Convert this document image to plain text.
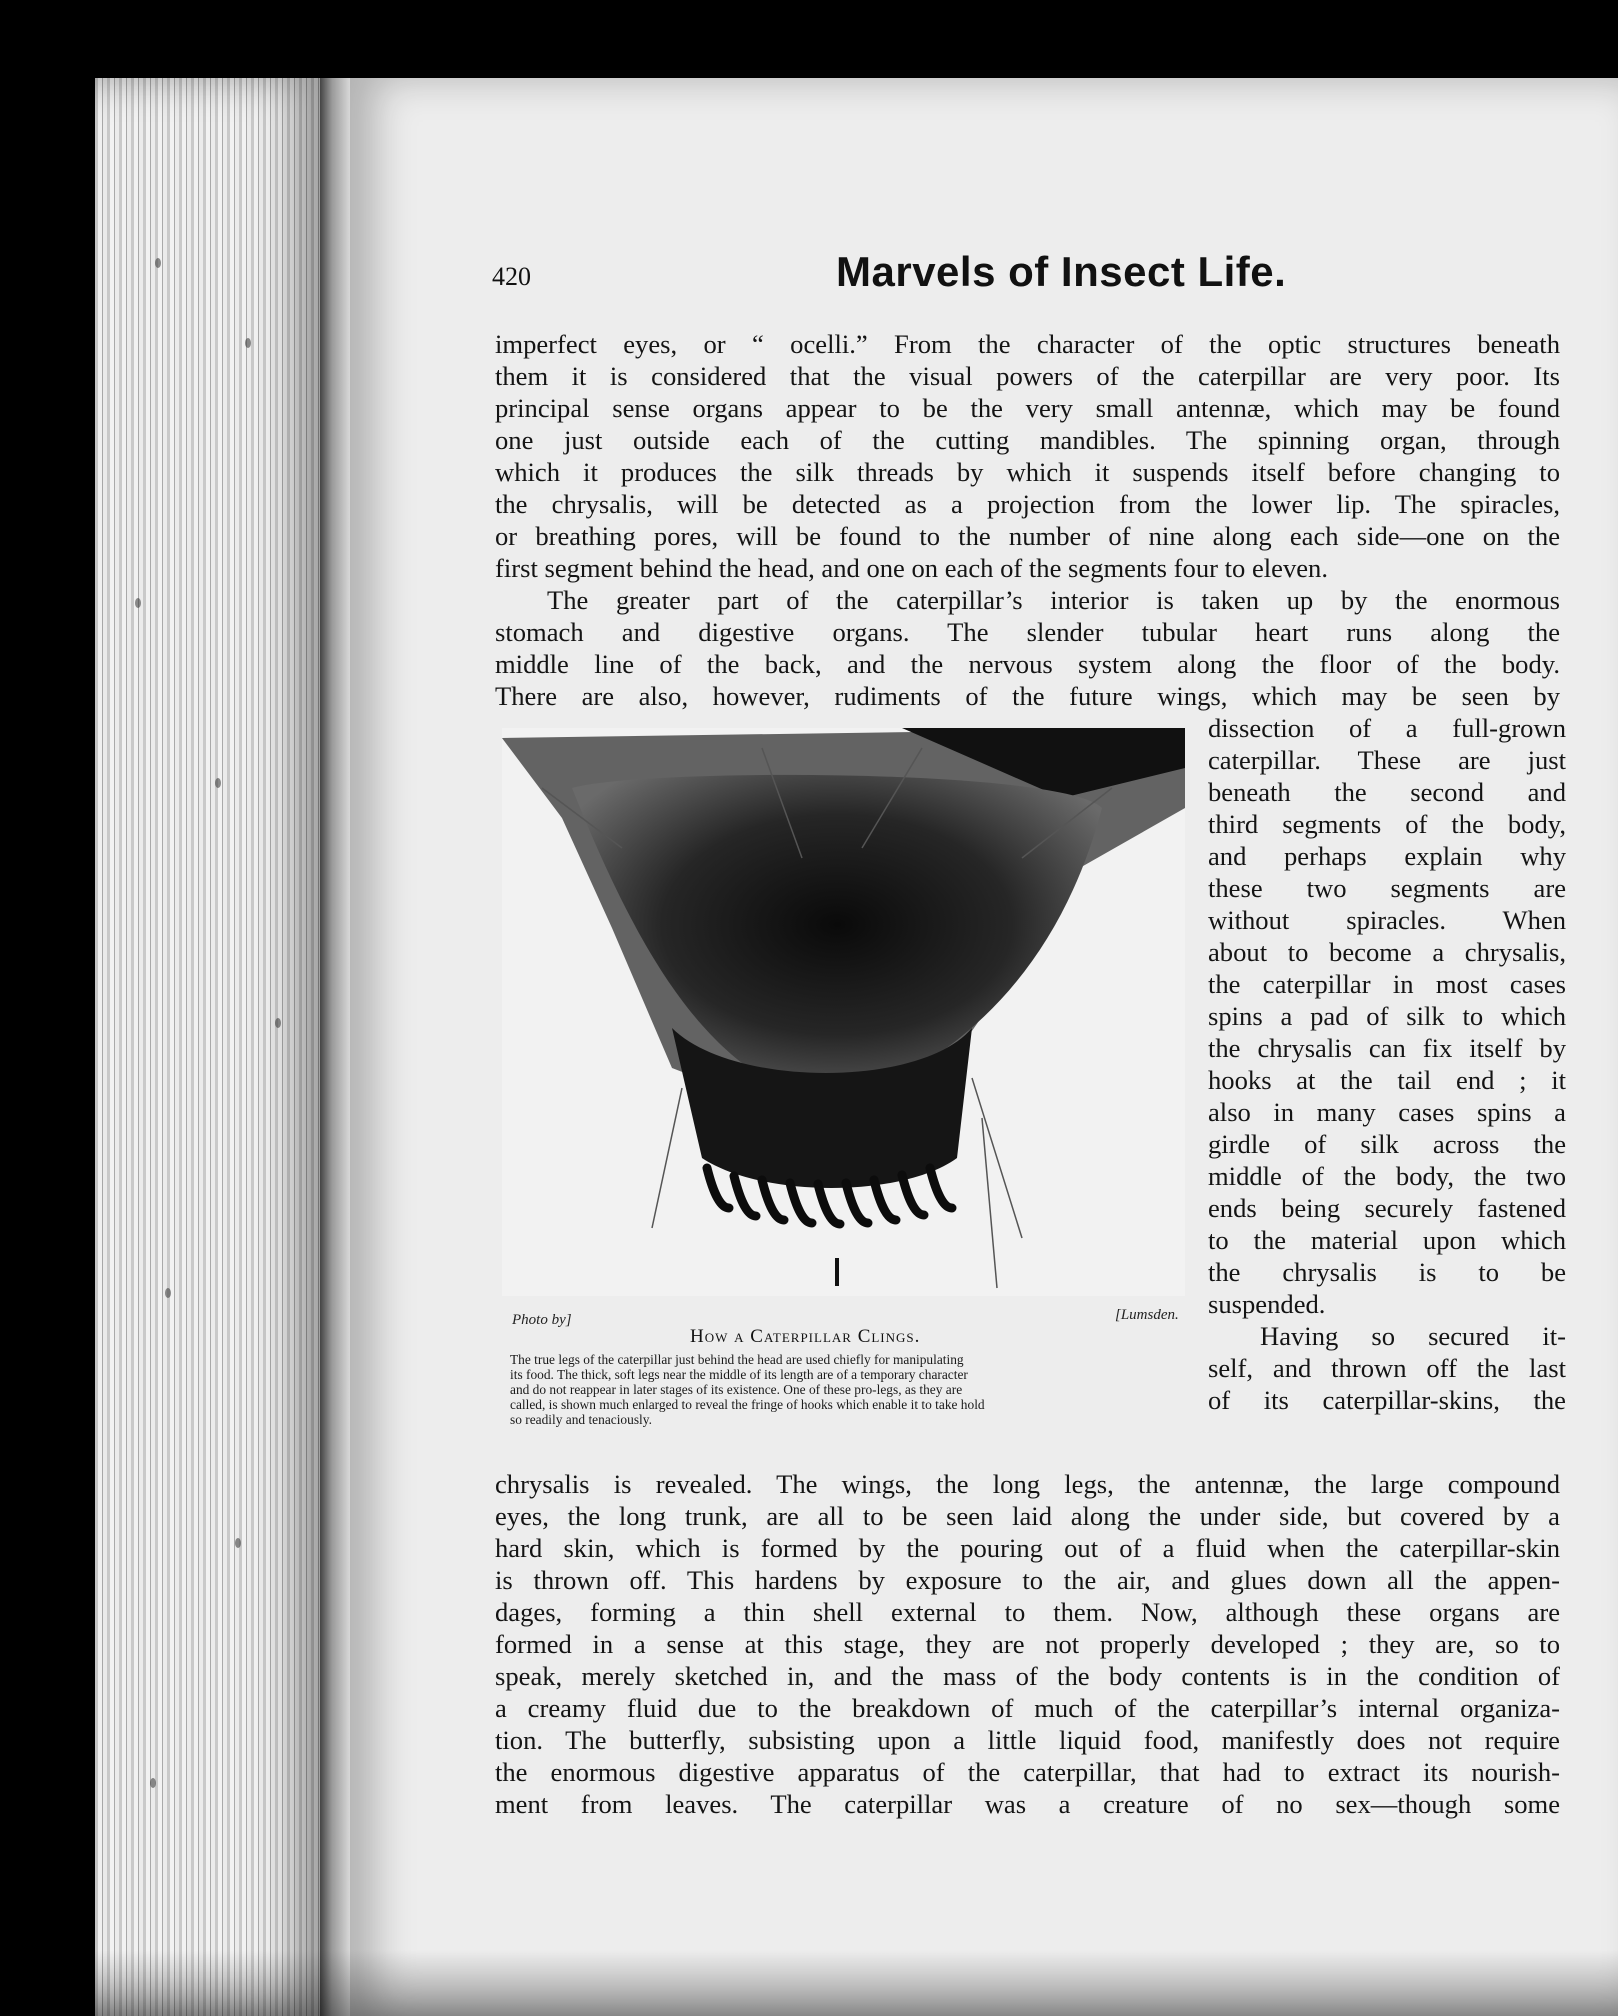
420	Marvels of Insect Life.
imperfect eyes, or “ ocelli.” From the character of the optic structures beneath
them it is considered that the visual powers of the caterpillar are very poor. Its
principal sense organs appear to be the very small antennæ, which may be found
one just outside each of the cutting mandibles. The spinning organ, through
which it produces the silk threads by which it suspends itself before changing to
the chrysalis, will be detected as a projection from the lower lip. The spiracles,
or breathing pores, will be found to the number of nine along each side—one on the
first segment behind the head, and one on each of the segments four to eleven.
The greater part of the caterpillar’s interior is taken up by the enormous
stomach and digestive organs. The slender tubular heart runs along the
middle line of the back, and the nervous system along the floor of the body.
There are also, however, rudiments of the future wings, which may be seen by
Photo by]	[Lumsden.
How a Caterpillar Clings.
The true legs of the caterpillar just behind the head are used chiefly for manipulating
its food. The thick, soft legs near the middle of its length are of a temporary character
and do not reappear in later stages of its existence. One of these pro-legs, as they are
called, is shown much enlarged to reveal the fringe of hooks which enable it to take hold
so readily and tenaciously.
dissection of a full-grown
caterpillar. These are just
beneath the second and
third segments of the body,
and perhaps explain why
these two segments are
without spiracles. When
about to become a chrysalis,
the caterpillar in most cases
spins a pad of silk to which
the chrysalis can fix itself by
hooks at the tail end ; it
also in many cases spins a
girdle of silk across the
middle of the body, the two
ends being securely fastened
to the material upon which
the chrysalis is to be
suspended.
Having so secured it-
self, and thrown off the last
of its caterpillar-skins, the
chrysalis is revealed. The wings, the long legs, the antennæ, the large compound
eyes, the long trunk, are all to be seen laid along the under side, but covered by a
hard skin, which is formed by the pouring out of a fluid when the caterpillar-skin
is thrown off. This hardens by exposure to the air, and glues down all the appen-
dages, forming a thin shell external to them. Now, although these organs are
formed in a sense at this stage, they are not properly developed ; they are, so to
speak, merely sketched in, and the mass of the body contents is in the condition of
a creamy fluid due to the breakdown of much of the caterpillar’s internal organiza-
tion. The butterfly, subsisting upon a little liquid food, manifestly does not require
the enormous digestive apparatus of the caterpillar, that had to extract its nourish-
ment from leaves. The caterpillar was a creature of no sex—though some
